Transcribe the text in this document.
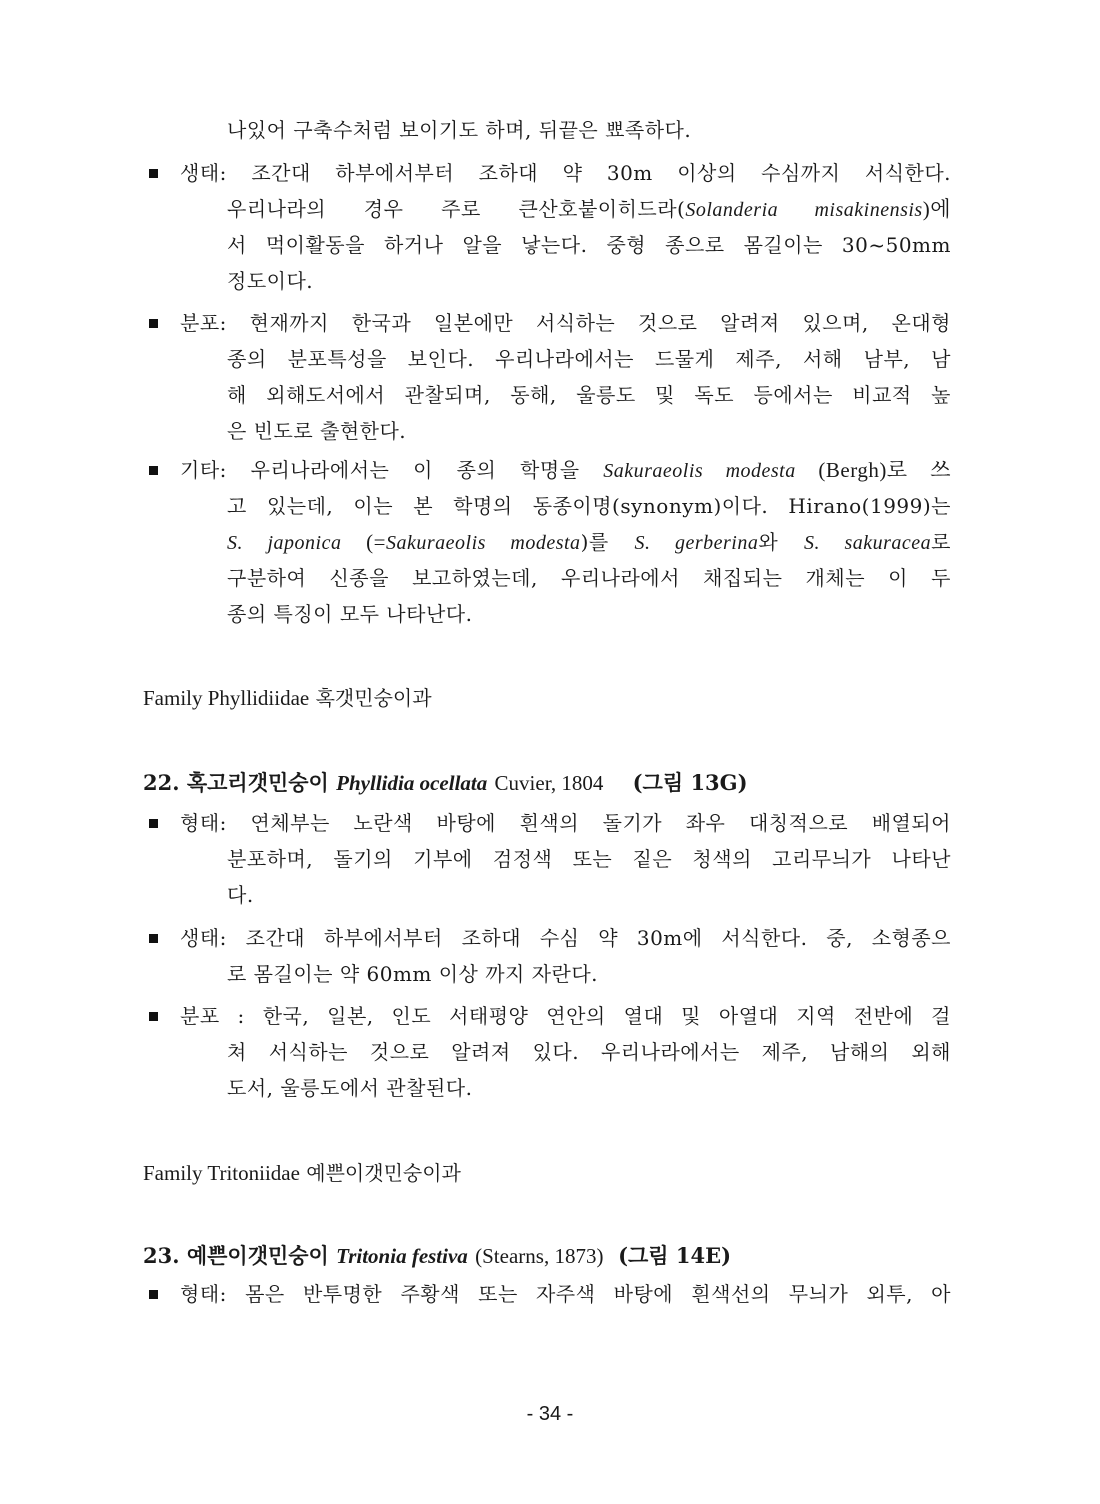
나있어 구축수처럼 보이기도 하며, 뒤끝은 뾰족하다.
생태: 조간대 하부에서부터 조하대 약 30m 이상의 수심까지 서식한다.
우리나라의 경우 주로 큰산호붙이히드라(Solanderia misakinensis)에
서 먹이활동을 하거나 알을 낳는다. 중형 종으로 몸길이는 30~50mm
정도이다.
분포: 현재까지 한국과 일본에만 서식하는 것으로 알려져 있으며, 온대형
종의 분포특성을 보인다. 우리나라에서는 드물게 제주, 서해 남부, 남
해 외해도서에서 관찰되며, 동해, 울릉도 및 독도 등에서는 비교적 높
은 빈도로 출현한다.
기타: 우리나라에서는 이 종의 학명을 Sakuraeolis modesta (Bergh)로 쓰
고 있는데, 이는 본 학명의 동종이명(synonym)이다. Hirano(1999)는
S. japonica (=Sakuraeolis modesta)를 S. gerberina와 S. sakuracea로
구분하여 신종을 보고하였는데, 우리나라에서 채집되는 개체는 이 두
종의 특징이 모두 나타난다.
Family Phyllidiidae 혹갯민숭이과
22. 혹고리갯민숭이 Phyllidia ocellata Cuvier, 1804 (그림 13G)
형태: 연체부는 노란색 바탕에 흰색의 돌기가 좌우 대칭적으로 배열되어
분포하며, 돌기의 기부에 검정색 또는 짙은 청색의 고리무늬가 나타난
다.
생태: 조간대 하부에서부터 조하대 수심 약 30m에 서식한다. 중, 소형종으
로 몸길이는 약 60mm 이상 까지 자란다.
분포 : 한국, 일본, 인도 서태평양 연안의 열대 및 아열대 지역 전반에 걸
쳐 서식하는 것으로 알려져 있다. 우리나라에서는 제주, 남해의 외해
도서, 울릉도에서 관찰된다.
Family Tritoniidae 예쁜이갯민숭이과
23. 예쁜이갯민숭이 Tritonia festiva (Stearns, 1873) (그림 14E)
형태: 몸은 반투명한 주황색 또는 자주색 바탕에 흰색선의 무늬가 외투, 아
- 34 -
